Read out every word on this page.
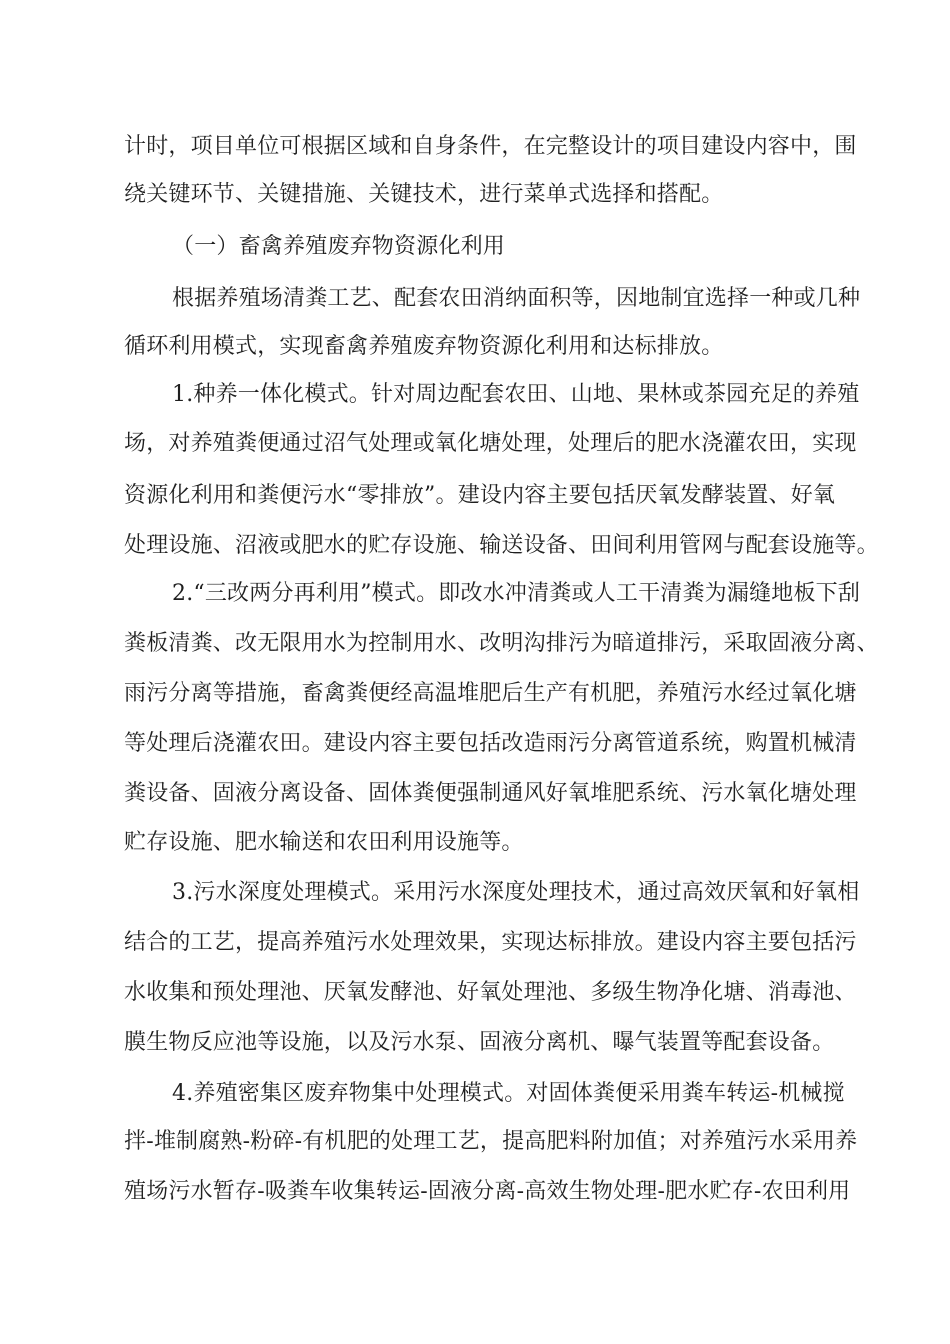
计时，项目单位可根据区域和自身条件，在完整设计的项目建设内容中，围

绕关键环节、关键措施、关键技术，进行菜单式选择和搭配。

（一）畜禽养殖废弃物资源化利用

根据养殖场清粪工艺、配套农田消纳面积等，因地制宜选择一种或几种

循环利用模式，实现畜禽养殖废弃物资源化利用和达标排放。

1.种养一体化模式。针对周边配套农田、山地、果林或茶园充足的养殖

场，对养殖粪便通过沼气处理或氧化塘处理，处理后的肥水浇灌农田，实现

资源化利用和粪便污水“零排放”。建设内容主要包括厌氧发酵装置、好氧

处理设施、沼液或肥水的贮存设施、输送设备、田间利用管网与配套设施等。

2.“三改两分再利用”模式。即改水冲清粪或人工干清粪为漏缝地板下刮

粪板清粪、改无限用水为控制用水、改明沟排污为暗道排污，采取固液分离、

雨污分离等措施，畜禽粪便经高温堆肥后生产有机肥，养殖污水经过氧化塘

等处理后浇灌农田。建设内容主要包括改造雨污分离管道系统，购置机械清

粪设备、固液分离设备、固体粪便强制通风好氧堆肥系统、污水氧化塘处理

贮存设施、肥水输送和农田利用设施等。

3.污水深度处理模式。采用污水深度处理技术，通过高效厌氧和好氧相

结合的工艺，提高养殖污水处理效果，实现达标排放。建设内容主要包括污

水收集和预处理池、厌氧发酵池、好氧处理池、多级生物净化塘、消毒池、

膜生物反应池等设施，以及污水泵、固液分离机、曝气装置等配套设备。

4.养殖密集区废弃物集中处理模式。对固体粪便采用粪车转运-机械搅

拌-堆制腐熟-粉碎-有机肥的处理工艺，提高肥料附加值；对养殖污水采用养

殖场污水暂存-吸粪车收集转运-固液分离-高效生物处理-肥水贮存-农田利用
